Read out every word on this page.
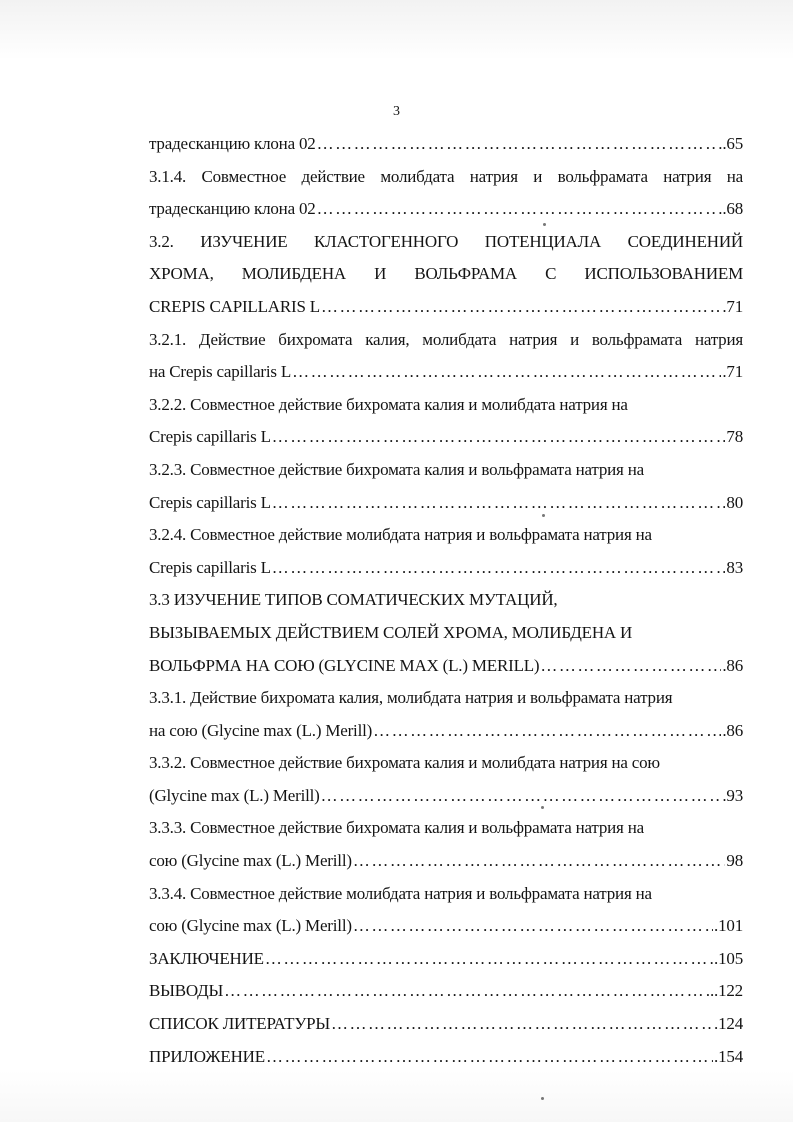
3
традесканцию клона 02 ……………………………………………………………………………………………………………………………………………	..65
3.1.4. Совместное действие молибдата натрия и вольфрамата натрия на
традесканцию клона 02 ……………………………………………………………………………………………………………………………………………	..68
3.2. ИЗУЧЕНИЕ КЛАСТОГЕННОГО ПОТЕНЦИАЛА СОЕДИНЕНИЙ
ХРОМА, МОЛИБДЕНА И ВОЛЬФРАМА С ИСПОЛЬЗОВАНИЕМ
CREPIS CAPILLARIS L ……………………………………………………………………………………………………………………………………………	.71
3.2.1. Действие бихромата калия, молибдата натрия и вольфрамата натрия
на Crepis capillaris L ……………………………………………………………………………………………………………………………………………	.71
3.2.2. Совместное действие бихромата калия и молибдата натрия на
Crepis capillaris L ……………………………………………………………………………………………………………………………………………	78
3.2.3. Совместное действие бихромата калия и вольфрамата натрия на
Crepis capillaris L ……………………………………………………………………………………………………………………………………………	80
3.2.4. Совместное действие молибдата натрия и вольфрамата натрия на
Crepis capillaris L ……………………………………………………………………………………………………………………………………………	83
3.3 ИЗУЧЕНИЕ ТИПОВ СОМАТИЧЕСКИХ МУТАЦИЙ,
ВЫЗЫВАЕМЫХ ДЕЙСТВИЕМ СОЛЕЙ ХРОМА, МОЛИБДЕНА И
ВОЛЬФРМА НА СОЮ (GLYCINE MAX (L.) MERILL) ……………………………………………………………………………………………………………………………………………	.86
3.3.1. Действие бихромата калия, молибдата натрия и вольфрамата натрия
на сою (Glycine max (L.) Merill) ……………………………………………………………………………………………………………………………………………	.86
3.3.2. Совместное действие бихромата калия и молибдата натрия на сою
(Glycine max (L.) Merill) ……………………………………………………………………………………………………………………………………………	.93
3.3.3. Совместное действие бихромата калия и вольфрамата натрия на
сою (Glycine max (L.) Merill) ……………………………………………………………………………………………………………………………………………	98
3.3.4. Совместное действие молибдата натрия и вольфрамата натрия на
сою (Glycine max (L.) Merill) ……………………………………………………………………………………………………………………………………………	.101
ЗАКЛЮЧЕНИЕ ……………………………………………………………………………………………………………………………………………	.105
ВЫВОДЫ ……………………………………………………………………………………………………………………………………………	..122
СПИСОК ЛИТЕРАТУРЫ ……………………………………………………………………………………………………………………………………………	.124
ПРИЛОЖЕНИЕ ……………………………………………………………………………………………………………………………………………	.154
